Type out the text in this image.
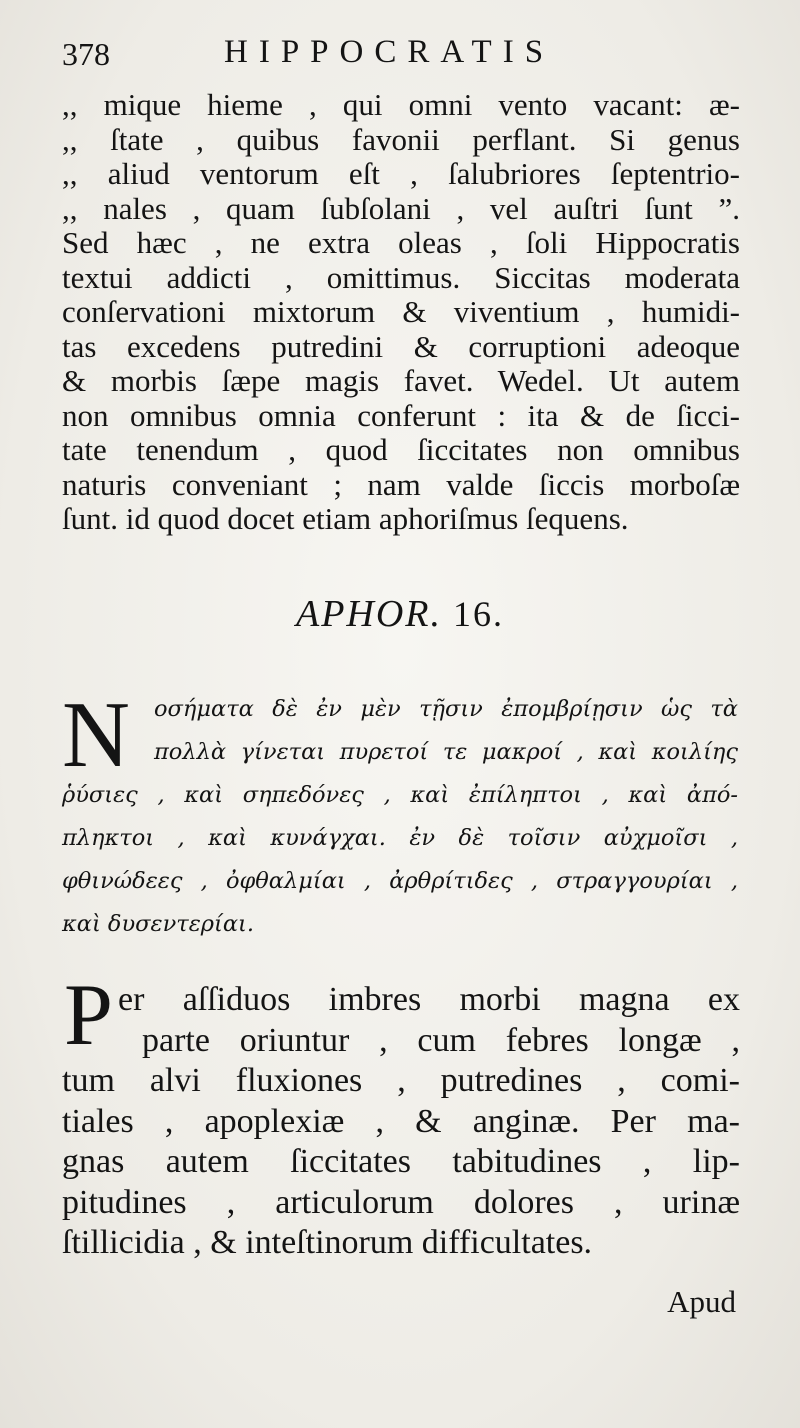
378	HIPPOCRATIS
,, mique hieme , qui omni vento vacant: æ-
,, ſtate , quibus favonii perflant. Si genus
,, aliud ventorum eſt , ſalubriores ſeptentrio-
,, nales , quam ſubſolani , vel auſtri ſunt ”.
Sed hæc , ne extra oleas , ſoli Hippocratis
textui addicti , omittimus. Siccitas moderata
conſervationi mixtorum & viventium , humidi-
tas excedens putredini & corruptioni adeoque
& morbis ſæpe magis favet. Wedel. Ut autem
non omnibus omnia conferunt : ita & de ſicci-
tate tenendum , quod ſiccitates non omnibus
naturis conveniant ; nam valde ſiccis morboſæ
ſunt. id quod docet etiam aphoriſmus ſequens.
APHOR. 16.
N	οσήματα δὲ ἐν μὲν τῇσιν ἐπομβρίῃσιν ὡς τὰ
πολλὰ γίνεται πυρετοί τε μακροί , καὶ κοιλίης
ῥύσιες , καὶ σηπεδόνες , καὶ ἐπίληπτοι , καὶ ἀπό-
πληκτοι , καὶ κυνάγχαι. ἐν δὲ τοῖσιν αὐχμοῖσι ,
φθινώδεες , ὀφθαλμίαι , ἀρθρίτιδες , στραγγουρίαι ,
καὶ δυσεντερίαι.
P er aſſiduos imbres morbi magna ex
parte oriuntur , cum febres longæ ,
tum alvi fluxiones , putredines , comi-
tiales , apoplexiæ , & anginæ. Per ma-
gnas autem ſiccitates tabitudines , lip-
pitudines , articulorum dolores , urinæ
ſtillicidia , & inteſtinorum difficultates.
Apud
